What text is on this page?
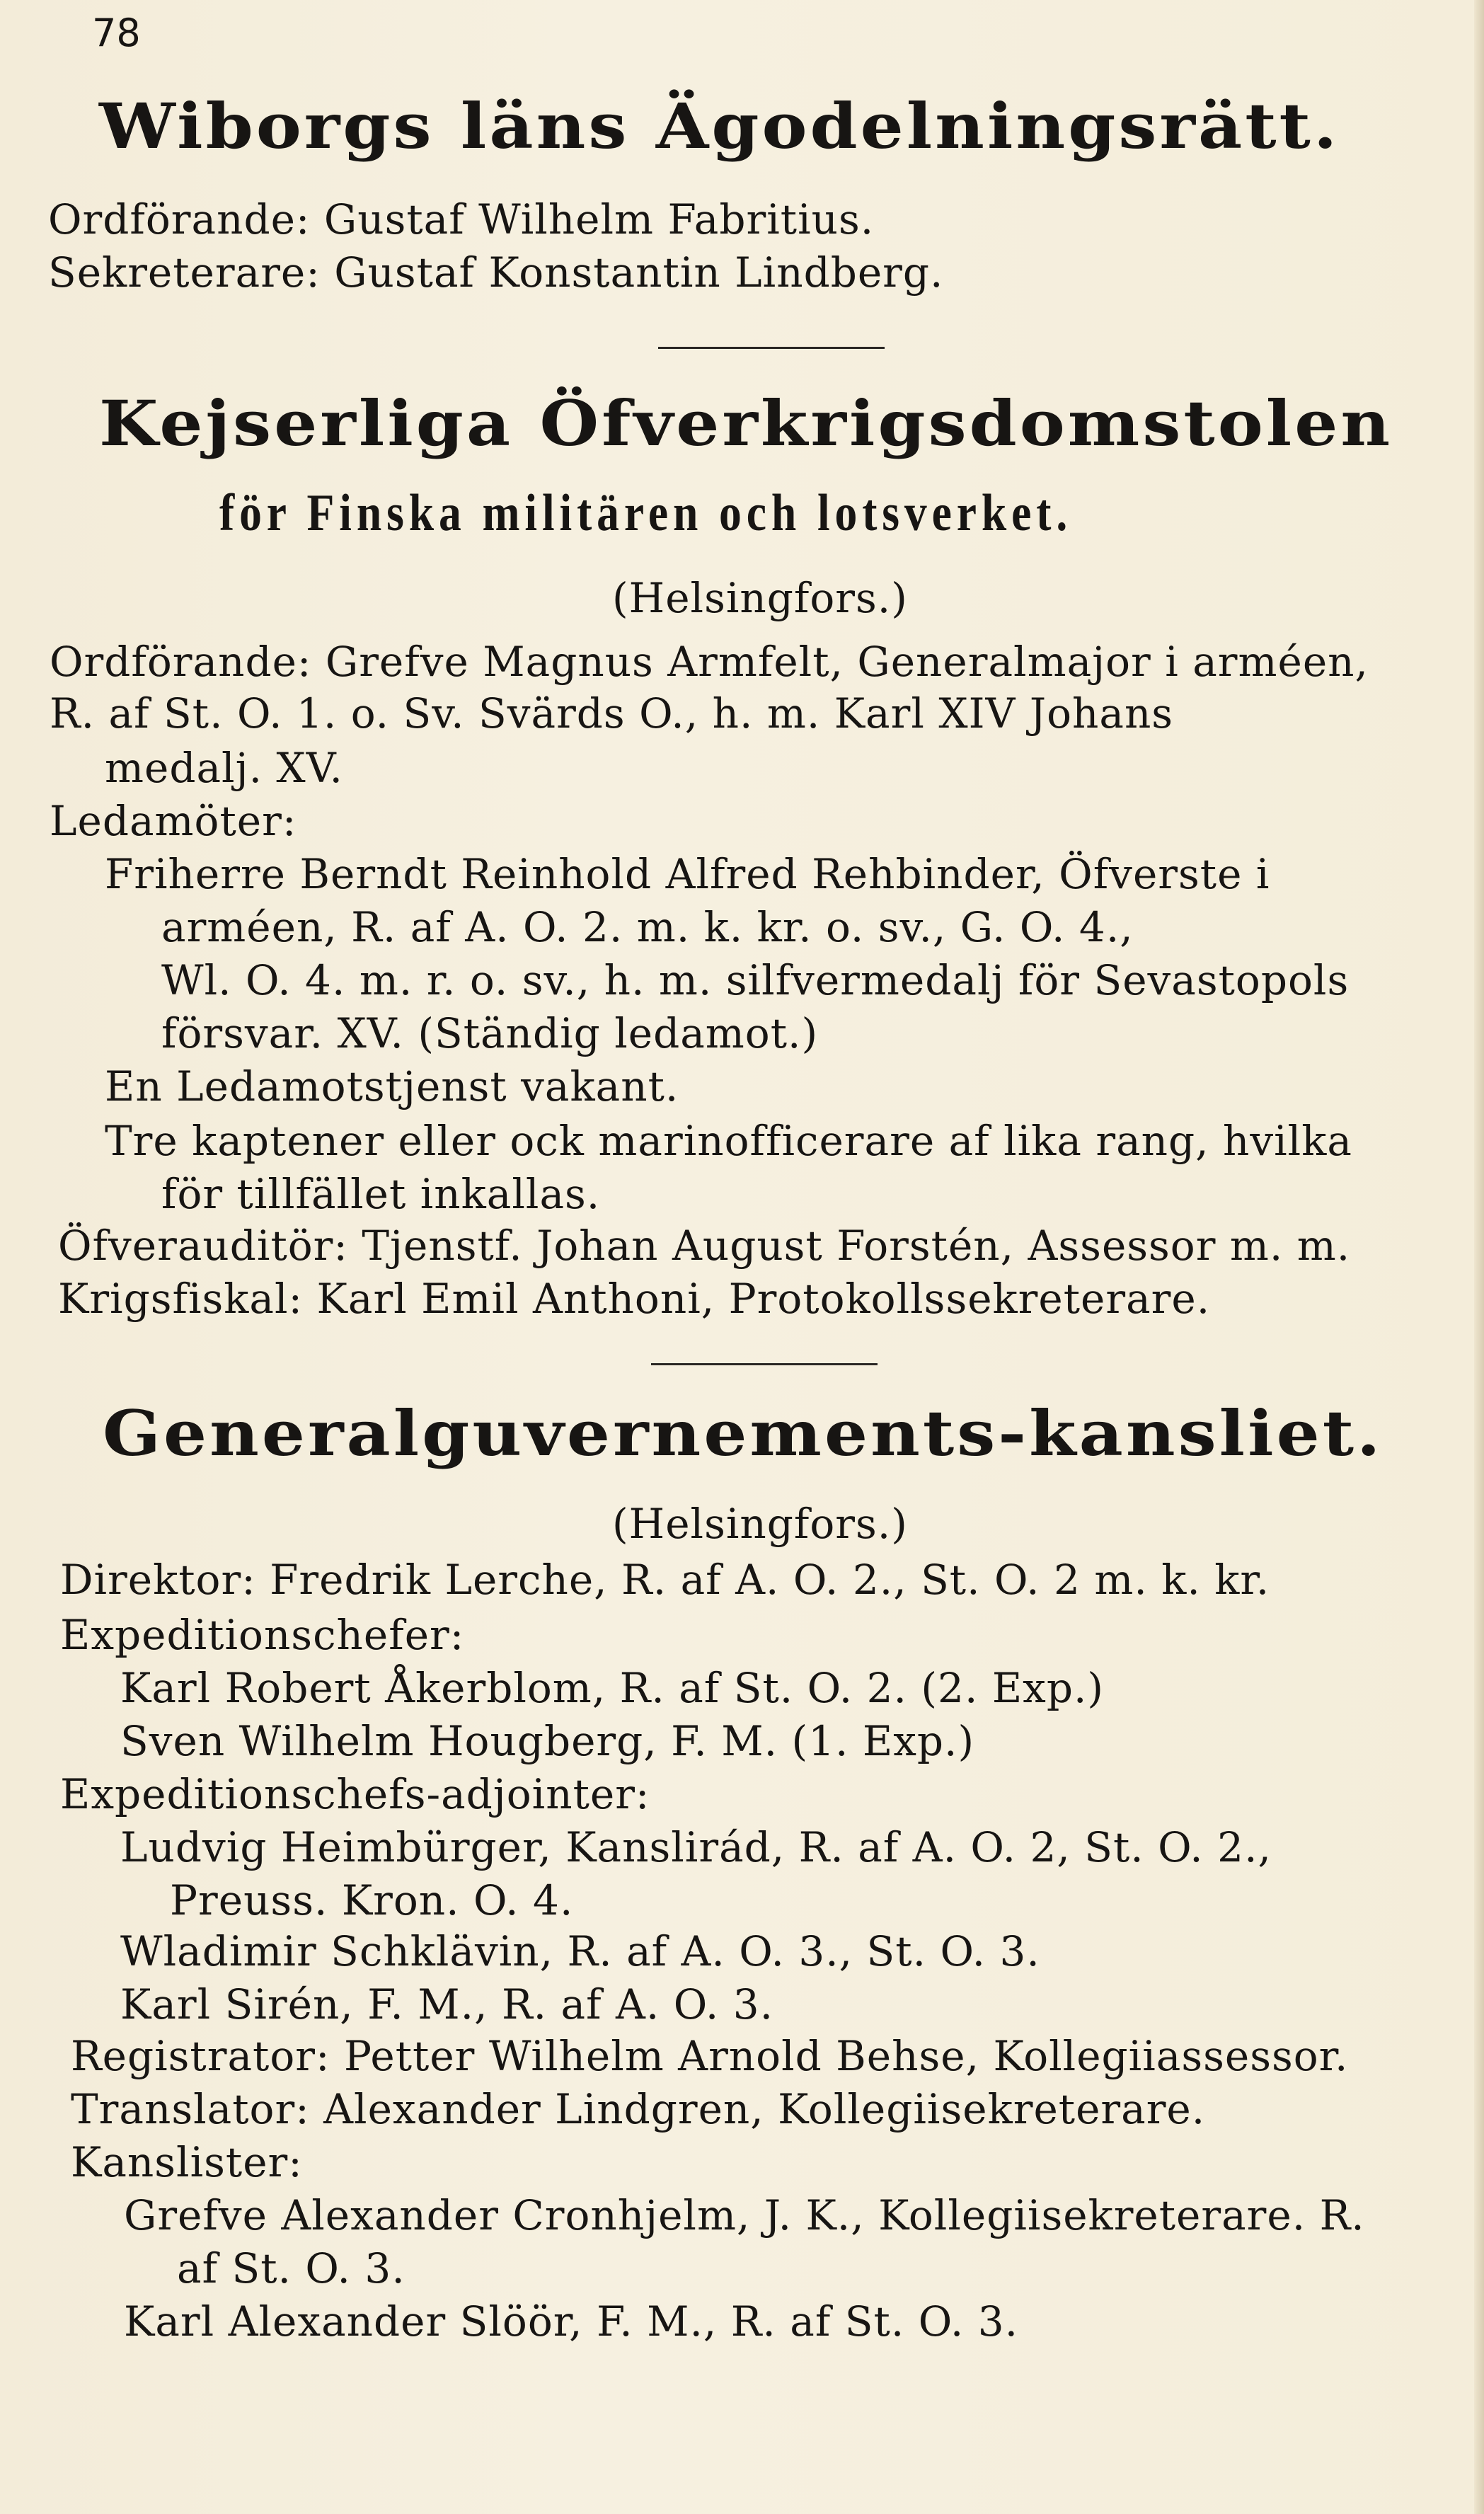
78
Wiborgs läns Ägodelningsrätt.
Ordförande: Gustaf Wilhelm Fabritius.
Sekreterare: Gustaf Konstantin Lindberg.
Kejserliga Öfverkrigsdomstolen
för Finska militären och lotsverket.
(Helsingfors.)
Ordförande: Grefve Magnus Armfelt, Generalmajor i arméen,
R. af St. O. 1. o. Sv. Svärds O., h. m. Karl XIV Johans
medalj. XV.
Ledamöter:
Friherre Berndt Reinhold Alfred Rehbinder, Öfverste i
arméen, R. af A. O. 2. m. k. kr. o. sv., G. O. 4.,
Wl. O. 4. m. r. o. sv., h. m. silfvermedalj för Sevastopols
försvar. XV. (Ständig ledamot.)
En Ledamotstjenst vakant.
Tre kaptener eller ock marinofficerare af lika rang, hvilka
för tillfället inkallas.
Öfverauditör: Tjenstf. Johan August Forstén, Assessor m. m.
Krigsfiskal: Karl Emil Anthoni, Protokollssekreterare.
Generalguvernements-kansliet.
(Helsingfors.)
Direktor: Fredrik Lerche, R. af A. O. 2., St. O. 2 m. k. kr.
Expeditionschefer:
Karl Robert Åkerblom, R. af St. O. 2. (2. Exp.)
Sven Wilhelm Hougberg, F. M. (1. Exp.)
Expeditionschefs-adjointer:
Ludvig Heimbürger, Kanslirád, R. af A. O. 2, St. O. 2.,
Preuss. Kron. O. 4.
Wladimir Schklävin, R. af A. O. 3., St. O. 3.
Karl Sirén, F. M., R. af A. O. 3.
Registrator: Petter Wilhelm Arnold Behse, Kollegiiassessor.
Translator: Alexander Lindgren, Kollegiisekreterare.
Kanslister:
Grefve Alexander Cronhjelm, J. K., Kollegiisekreterare. R.
af St. O. 3.
Karl Alexander Slöör, F. M., R. af St. O. 3.
